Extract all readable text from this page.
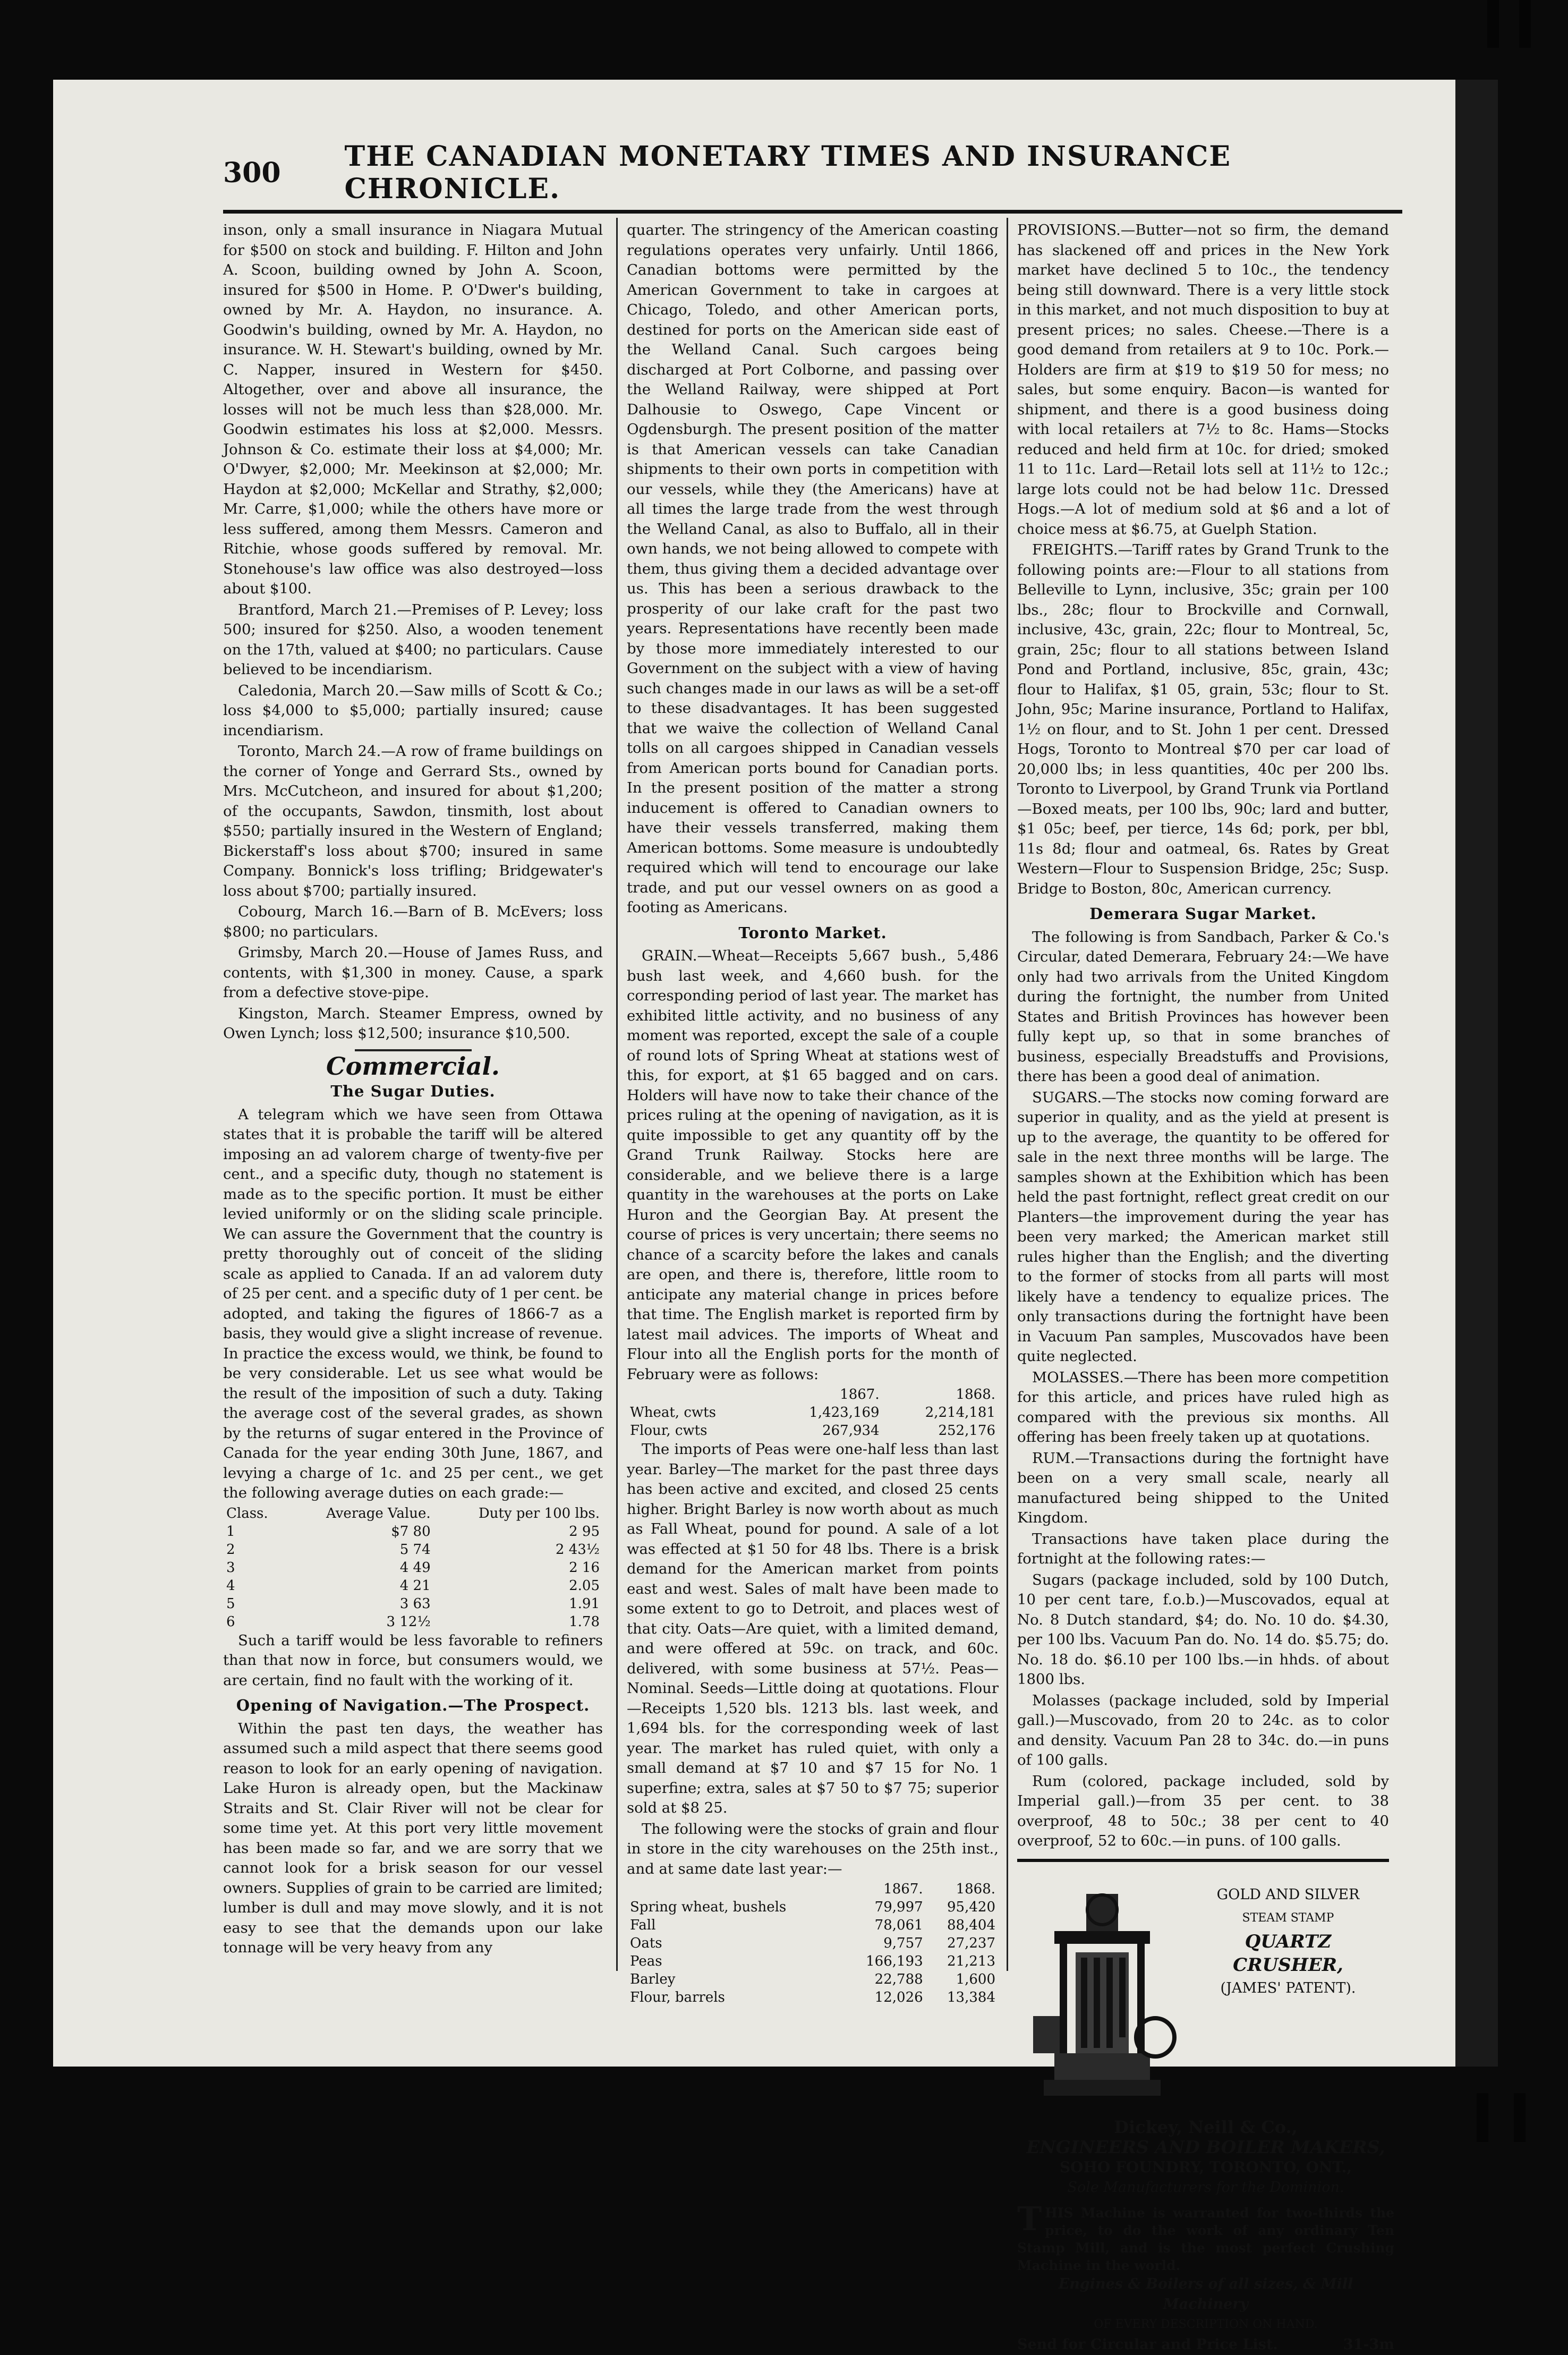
300 THE CANADIAN MONETARY TIMES AND INSURANCE CHRONICLE.

inson, only a small insurance in Niagara Mutual for $500 on stock and building. F. Hilton and John A. Scoon, building owned by John A. Scoon, insured for $500 in Home. P. O'Dwer's building, owned by Mr. A. Haydon, no insurance. A. Goodwin's building, owned by Mr. A. Haydon, no insurance. W. H. Stewart's building, owned by Mr. C. Napper, insured in Western for $450. Altogether, over and above all insurance, the losses will not be much less than $28,000. Mr. Goodwin estimates his loss at $2,000. Messrs. Johnson & Co. estimate their loss at $4,000; Mr. O'Dwyer, $2,000; Mr. Meekinson at $2,000; Mr. Haydon at $2,000; McKellar and Strathy, $2,000; Mr. Carre, $1,000; while the others have more or less suffered, among them Messrs. Cameron and Ritchie, whose goods suffered by removal. Mr. Stonehouse's law office was also destroyed—loss about $100.

Brantford, March 21.—Premises of P. Levey; loss 500; insured for $250. Also, a wooden tenement on the 17th, valued at $400; no particulars. Cause believed to be incendiarism.

Caledonia, March 20.—Saw mills of Scott & Co.; loss $4,000 to $5,000; partially insured; cause incendiarism.

Toronto, March 24.—A row of frame buildings on the corner of Yonge and Gerrard Sts., owned by Mrs. McCutcheon, and insured for about $1,200; of the occupants, Sawdon, tinsmith, lost about $550; partially insured in the Western of England; Bickerstaff's loss about $700; insured in same Company. Bonnick's loss trifling; Bridgewater's loss about $700; partially insured.

Cobourg, March 16.—Barn of B. McEvers; loss $800; no particulars.

Grimsby, March 20.—House of James Russ, and contents, with $1,300 in money. Cause, a spark from a defective stove-pipe.

Kingston, March. Steamer Empress, owned by Owen Lynch; loss $12,500; insurance $10,500.

Commercial.
The Sugar Duties.

A telegram which we have seen from Ottawa states that it is probable the tariff will be altered imposing an ad valorem charge of twenty-five per cent., and a specific duty, though no statement is made as to the specific portion. It must be either levied uniformly or on the sliding scale principle. We can assure the Government that the country is pretty thoroughly out of conceit of the sliding scale as applied to Canada. If an ad valorem duty of 25 per cent. and a specific duty of 1 per cent. be adopted, and taking the figures of 1866-7 as a basis, they would give a slight increase of revenue. In practice the excess would, we think, be found to be very considerable. Let us see what would be the result of the imposition of such a duty. Taking the average cost of the several grades, as shown by the returns of sugar entered in the Province of Canada for the year ending 30th June, 1867, and levying a charge of 1c. and 25 per cent., we get the following average duties on each grade:—

Class.	Average Value.	Duty per 100 lbs.
1	$7 80	2 95
2	5 74	2 43½
3	4 49	2 16
4	4 21	2.05
5	3 63	1.91
6	3 12½	1.78

Such a tariff would be less favorable to refiners than that now in force, but consumers would, we are certain, find no fault with the working of it.

Opening of Navigation.—The Prospect.

Within the past ten days, the weather has assumed such a mild aspect that there seems good reason to look for an early opening of navigation. Lake Huron is already open, but the Mackinaw Straits and St. Clair River will not be clear for some time yet. At this port very little movement has been made so far, and we are sorry that we cannot look for a brisk season for our vessel owners. Supplies of grain to be carried are limited; lumber is dull and may move slowly, and it is not easy to see that the demands upon our lake tonnage will be very heavy from any

quarter. The stringency of the American coasting regulations operates very unfairly. Until 1866, Canadian bottoms were permitted by the American Government to take in cargoes at Chicago, Toledo, and other American ports, destined for ports on the American side east of the Welland Canal. Such cargoes being discharged at Port Colborne, and passing over the Welland Railway, were shipped at Port Dalhousie to Oswego, Cape Vincent or Ogdensburgh. The present position of the matter is that American vessels can take Canadian shipments to their own ports in competition with our vessels, while they (the Americans) have at all times the large trade from the west through the Welland Canal, as also to Buffalo, all in their own hands, we not being allowed to compete with them, thus giving them a decided advantage over us. This has been a serious drawback to the prosperity of our lake craft for the past two years. Representations have recently been made by those more immediately interested to our Government on the subject with a view of having such changes made in our laws as will be a set-off to these disadvantages. It has been suggested that we waive the collection of Welland Canal tolls on all cargoes shipped in Canadian vessels from American ports bound for Canadian ports. In the present position of the matter a strong inducement is offered to Canadian owners to have their vessels transferred, making them American bottoms. Some measure is undoubtedly required which will tend to encourage our lake trade, and put our vessel owners on as good a footing as Americans.

Toronto Market.

GRAIN.—Wheat—Receipts 5,667 bush., 5,486 bush last week, and 4,660 bush. for the corresponding period of last year. The market has exhibited little activity, and no business of any moment was reported, except the sale of a couple of round lots of Spring Wheat at stations west of this, for export, at $1 65 bagged and on cars. Holders will have now to take their chance of the prices ruling at the opening of navigation, as it is quite impossible to get any quantity off by the Grand Trunk Railway. Stocks here are considerable, and we believe there is a large quantity in the warehouses at the ports on Lake Huron and the Georgian Bay. At present the course of prices is very uncertain; there seems no chance of a scarcity before the lakes and canals are open, and there is, therefore, little room to anticipate any material change in prices before that time. The English market is reported firm by latest mail advices. The imports of Wheat and Flour into all the English ports for the month of February were as follows:

	1867.	1868.
Wheat, cwts	1,423,169	2,214,181
Flour, cwts	267,934	252,176

The imports of Peas were one-half less than last year. Barley—The market for the past three days has been active and excited, and closed 25 cents higher. Bright Barley is now worth about as much as Fall Wheat, pound for pound. A sale of a lot was effected at $1 50 for 48 lbs. There is a brisk demand for the American market from points east and west. Sales of malt have been made to some extent to go to Detroit, and places west of that city. Oats—Are quiet, with a limited demand, and were offered at 59c. on track, and 60c. delivered, with some business at 57½. Peas—Nominal. Seeds—Little doing at quotations. Flour—Receipts 1,520 bls. 1213 bls. last week, and 1,694 bls. for the corresponding week of last year. The market has ruled quiet, with only a small demand at $7 10 and $7 15 for No. 1 superfine; extra, sales at $7 50 to $7 75; superior sold at $8 25.

The following were the stocks of grain and flour in store in the city warehouses on the 25th inst., and at same date last year:—

	1867.	1868.
Spring wheat, bushels	79,997	95,420
Fall	78,061	88,404
Oats	9,757	27,237
Peas	166,193	21,213
Barley	22,788	1,600
Flour, barrels	12,026	13,384

PROVISIONS.—Butter—not so firm, the demand has slackened off and prices in the New York market have declined 5 to 10c., the tendency being still downward. There is a very little stock in this market, and not much disposition to buy at present prices; no sales. Cheese.—There is a good demand from retailers at 9 to 10c. Pork.—Holders are firm at $19 to $19 50 for mess; no sales, but some enquiry. Bacon—is wanted for shipment, and there is a good business doing with local retailers at 7½ to 8c. Hams—Stocks reduced and held firm at 10c. for dried; smoked 11 to 11c. Lard—Retail lots sell at 11½ to 12c.; large lots could not be had below 11c. Dressed Hogs.—A lot of medium sold at $6 and a lot of choice mess at $6.75, at Guelph Station.

FREIGHTS.—Tariff rates by Grand Trunk to the following points are:—Flour to all stations from Belleville to Lynn, inclusive, 35c; grain per 100 lbs., 28c; flour to Brockville and Cornwall, inclusive, 43c, grain, 22c; flour to Montreal, 5c, grain, 25c; flour to all stations between Island Pond and Portland, inclusive, 85c, grain, 43c; flour to Halifax, $1 05, grain, 53c; flour to St. John, 95c; Marine insurance, Portland to Halifax, 1½ on flour, and to St. John 1 per cent. Dressed Hogs, Toronto to Montreal $70 per car load of 20,000 lbs; in less quantities, 40c per 200 lbs. Toronto to Liverpool, by Grand Trunk via Portland—Boxed meats, per 100 lbs, 90c; lard and butter, $1 05c; beef, per tierce, 14s 6d; pork, per bbl, 11s 8d; flour and oatmeal, 6s. Rates by Great Western—Flour to Suspension Bridge, 25c; Susp. Bridge to Boston, 80c, American currency.

Demerara Sugar Market.

The following is from Sandbach, Parker & Co.'s Circular, dated Demerara, February 24:—We have only had two arrivals from the United Kingdom during the fortnight, the number from United States and British Provinces has however been fully kept up, so that in some branches of business, especially Breadstuffs and Provisions, there has been a good deal of animation.

SUGARS.—The stocks now coming forward are superior in quality, and as the yield at present is up to the average, the quantity to be offered for sale in the next three months will be large. The samples shown at the Exhibition which has been held the past fortnight, reflect great credit on our Planters—the improvement during the year has been very marked; the American market still rules higher than the English; and the diverting to the former of stocks from all parts will most likely have a tendency to equalize prices. The only transactions during the fortnight have been in Vacuum Pan samples, Muscovados have been quite neglected.

MOLASSES.—There has been more competition for this article, and prices have ruled high as compared with the previous six months. All offering has been freely taken up at quotations.

RUM.—Transactions during the fortnight have been on a very small scale, nearly all manufactured being shipped to the United Kingdom.

Transactions have taken place during the fortnight at the following rates:—

Sugars (package included, sold by 100 Dutch, 10 per cent tare, f.o.b.)—Muscovados, equal at No. 8 Dutch standard, $4; do. No. 10 do. $4.30, per 100 lbs. Vacuum Pan do. No. 14 do. $5.75; do. No. 18 do. $6.10 per 100 lbs.—in hhds. of about 1800 lbs.

Molasses (package included, sold by Imperial gall.)—Muscovado, from 20 to 24c. as to color and density. Vacuum Pan 28 to 34c. do.—in puns of 100 galls.

Rum (colored, package included, sold by Imperial gall.)—from 35 per cent. to 38 overproof, 48 to 50c.; 38 per cent to 40 overproof, 52 to 60c.—in puns. of 100 galls.

GOLD AND SILVER
STEAM STAMP
QUARTZ CRUSHER,
(JAMES' PATENT).
Dickey, Neill & Co.,
ENGINEERS AND BOILER MAKERS,
SOHO FOUNDRY, TORONTO, ONT.,
Sole Manufacturers for the Dominion.
T HIS Machine is warranted for two-thirds the price, to do the work of any ordinary Ten Stamp Mill, and is the most perfect Crushing Machine in the world.
Engines & Boilers of all sizes, & Mill Machinery
OF EVERY DESCRIPTION ON HAND.
Send for Circular and Price List.	31-3m
